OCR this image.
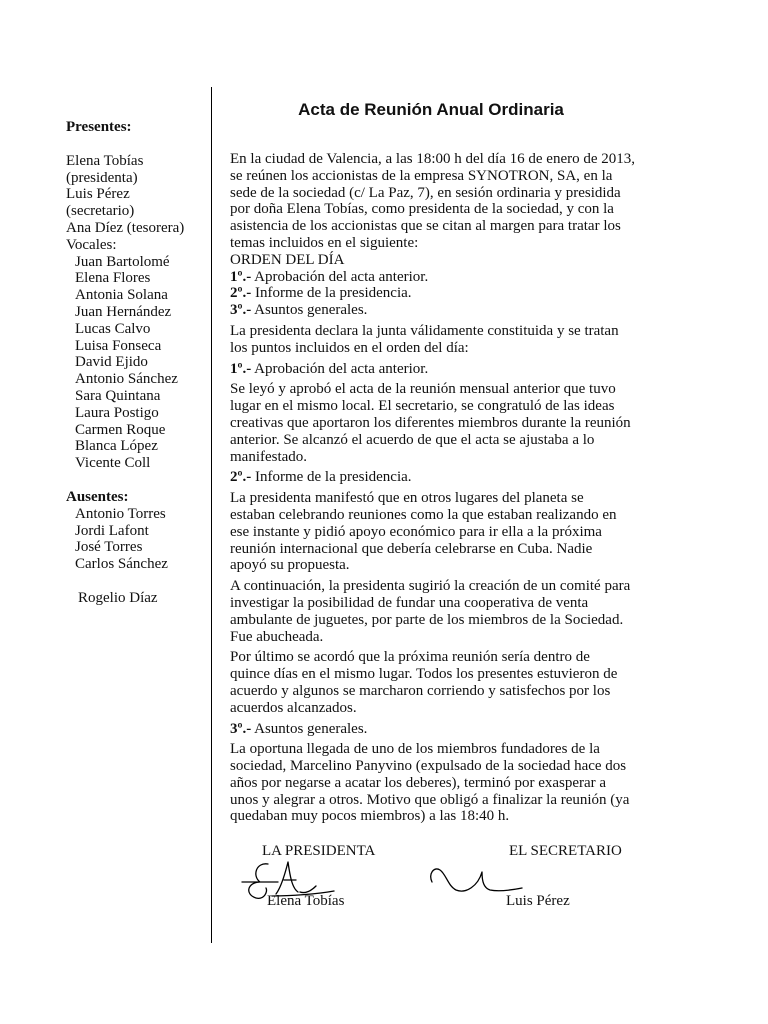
Presentes:
Elena Tobías
(presidenta)
Luis Pérez
(secretario)
Ana Díez (tesorera)
Vocales:
Juan Bartolomé
Elena Flores
Antonia Solana
Juan Hernández
Lucas Calvo
Luisa Fonseca
David Ejido
Antonio Sánchez
Sara Quintana
Laura Postigo
Carmen Roque
Blanca López
Vicente Coll
Ausentes:
Antonio Torres
Jordi Lafont
José Torres
Carlos Sánchez
Rogelio Díaz
Acta de Reunión Anual Ordinaria

En la ciudad de Valencia, a las 18:00 h del día 16 de enero de 2013,
se reúnen los accionistas de la empresa SYNOTRON, SA, en la
sede de la sociedad (c/ La Paz, 7), en sesión ordinaria y presidida
por doña Elena Tobías, como presidenta de la sociedad, y con la
asistencia de los accionistas que se citan al margen para tratar los
temas incluidos en el siguiente:
ORDEN DEL DÍA
1º.- Aprobación del acta anterior.
2º.- Informe de la presidencia.
3º.- Asuntos generales.

La presidenta declara la junta válidamente constituida y se tratan
los puntos incluidos en el orden del día:

1º.- Aprobación del acta anterior.

Se leyó y aprobó el acta de la reunión mensual anterior que tuvo
lugar en el mismo local. El secretario, se congratuló de las ideas
creativas que aportaron los diferentes miembros durante la reunión
anterior. Se alcanzó el acuerdo de que el acta se ajustaba a lo
manifestado.

2º.- Informe de la presidencia.

La presidenta manifestó que en otros lugares del planeta se
estaban celebrando reuniones como la que estaban realizando en
ese instante y pidió apoyo económico para ir ella a la próxima
reunión internacional que debería celebrarse en Cuba. Nadie
apoyó su propuesta.

A continuación, la presidenta sugirió la creación de un comité para
investigar la posibilidad de fundar una cooperativa de venta
ambulante de juguetes, por parte de los miembros de la Sociedad.
Fue abucheada.

Por último se acordó que la próxima reunión sería dentro de
quince días en el mismo lugar. Todos los presentes estuvieron de
acuerdo y algunos se marcharon corriendo y satisfechos por los
acuerdos alcanzados.

3º.- Asuntos generales.

La oportuna llegada de uno de los miembros fundadores de la
sociedad, Marcelino Panyvino (expulsado de la sociedad hace dos
años por negarse a acatar los deberes), terminó por exasperar a
unos y alegrar a otros. Motivo que obligó a finalizar la reunión (ya
quedaban muy pocos miembros) a las 18:40 h.

LA PRESIDENTA	EL SECRETARIO
Elena Tobías	Luis Pérez
